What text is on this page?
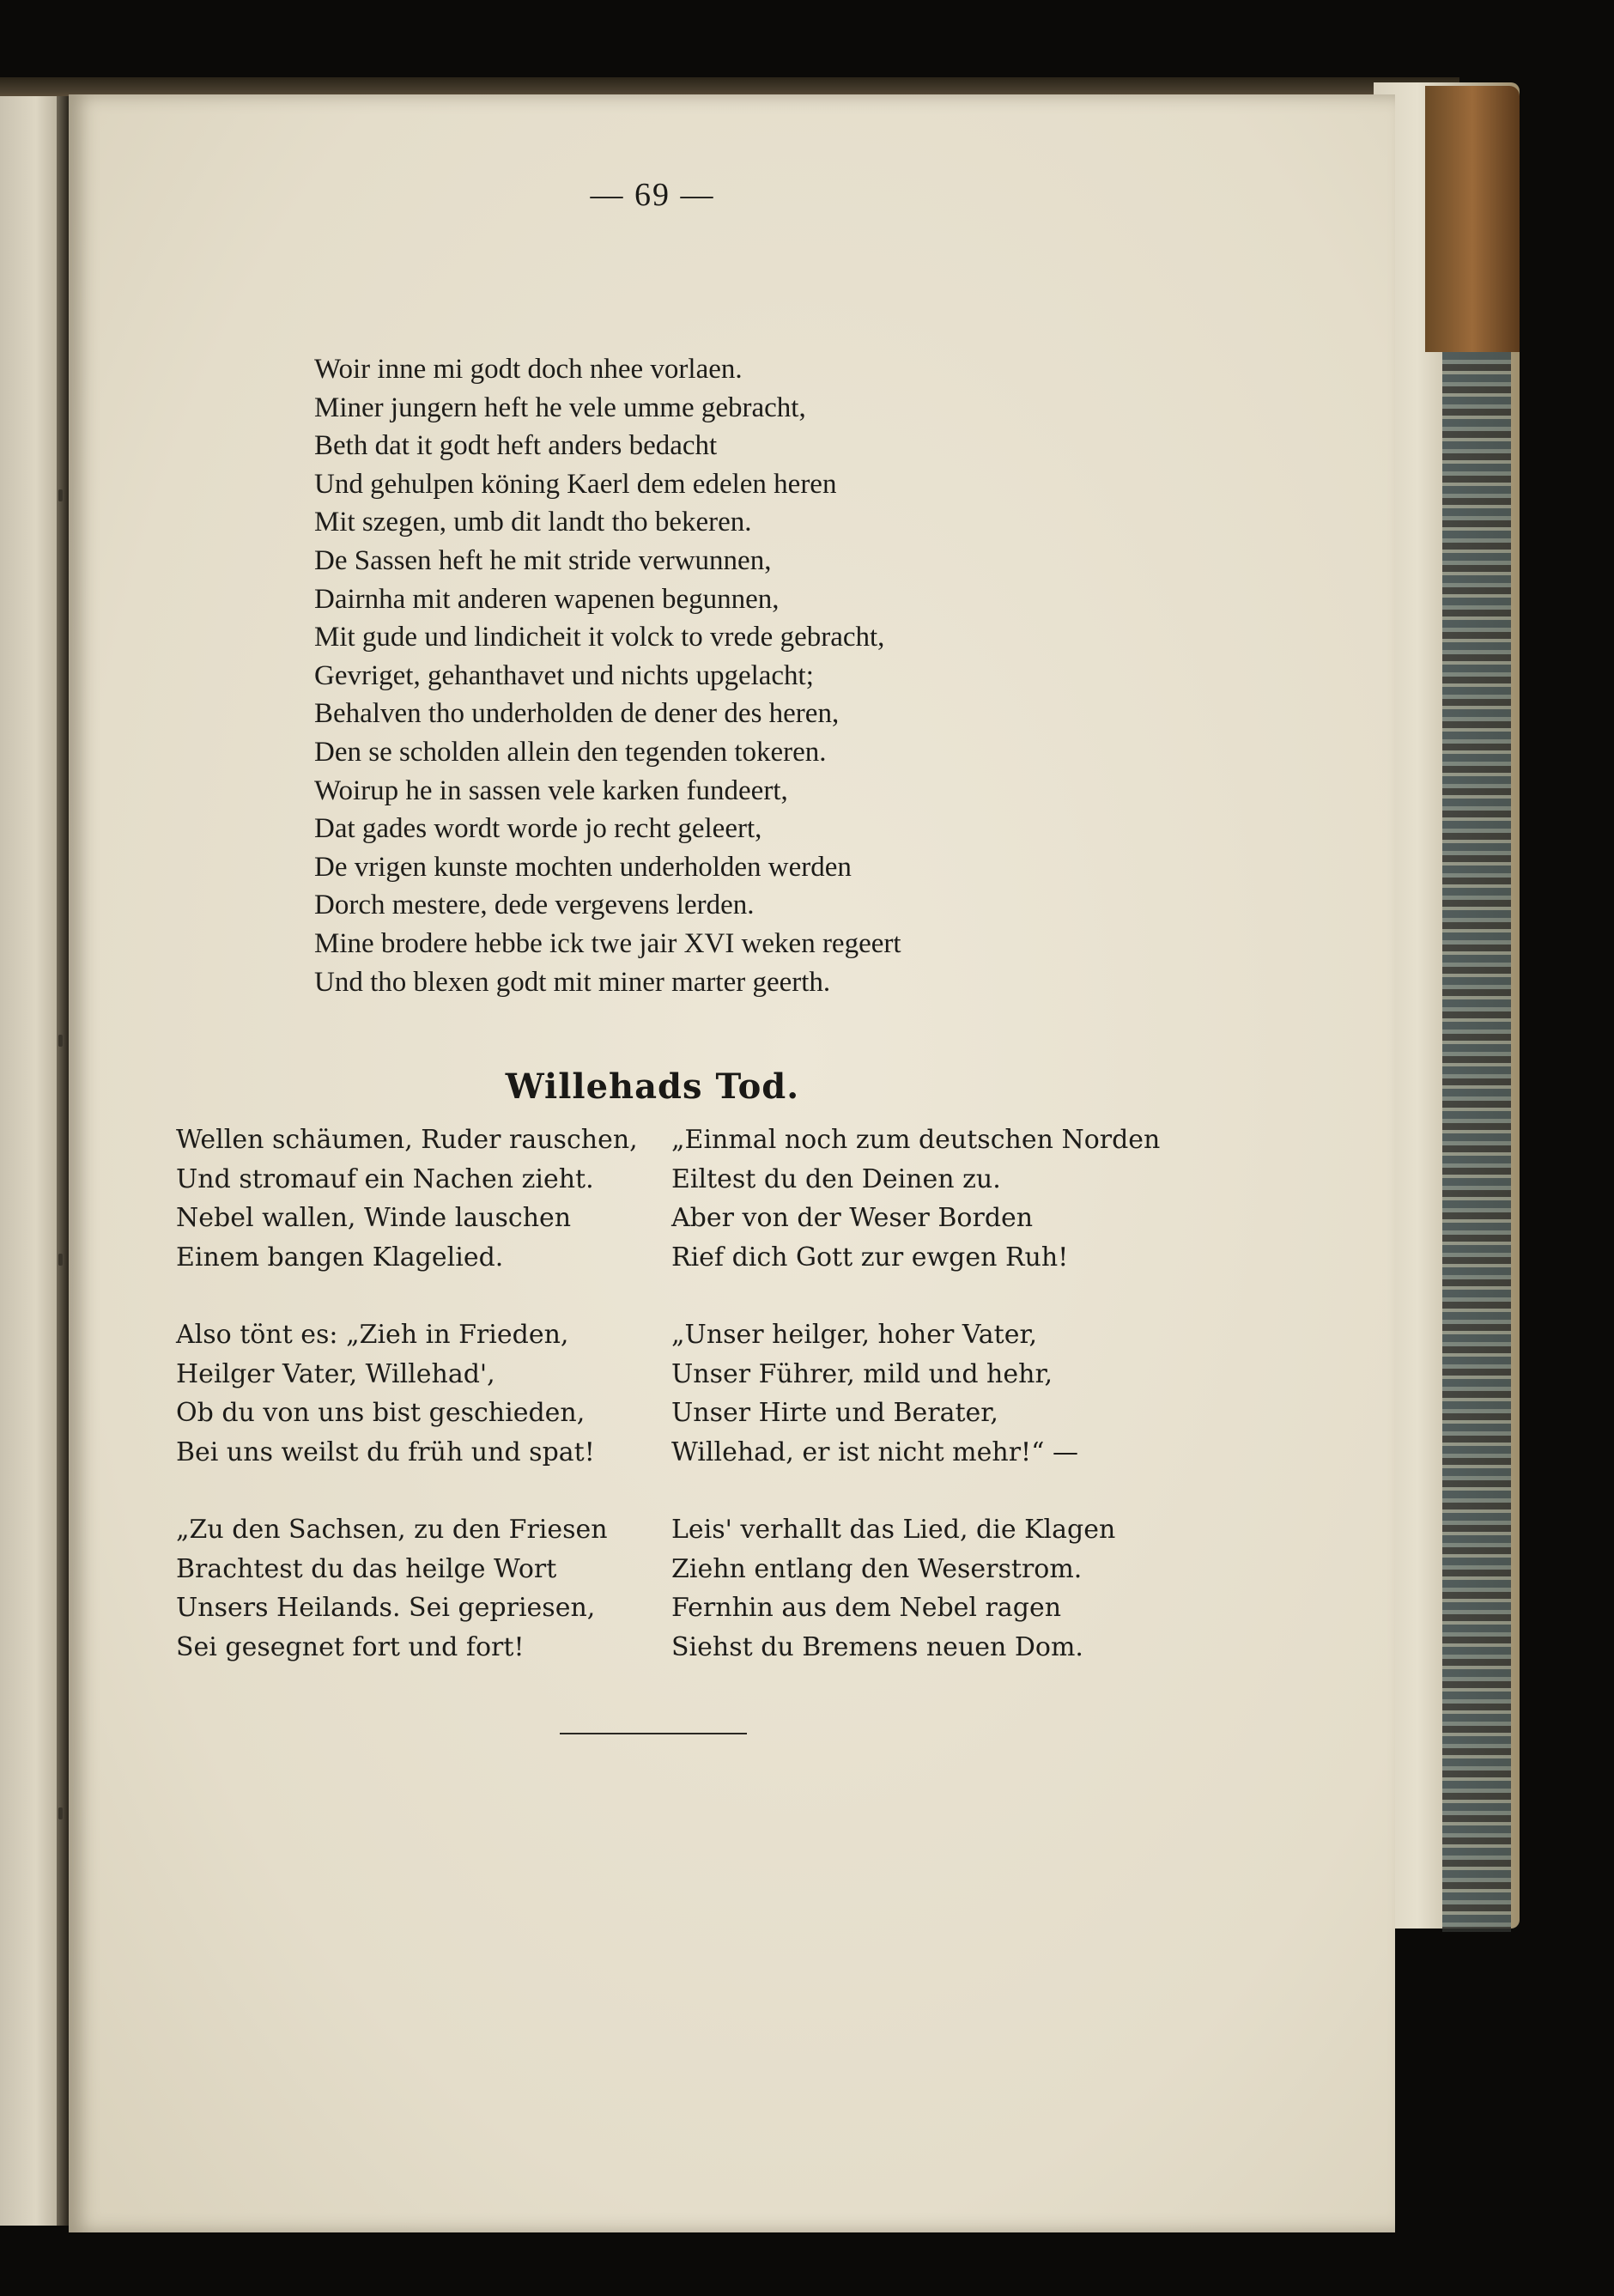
— 69 —
Woir inne mi godt doch nhee vorlaen.
Miner jungern heft he vele umme gebracht,
Beth dat it godt heft anders bedacht
Und gehulpen köning Kaerl dem edelen heren
Mit szegen, umb dit landt tho bekeren.
De Sassen heft he mit stride verwunnen,
Dairnha mit anderen wapenen begunnen,
Mit gude und lindicheit it volck to vrede gebracht,
Gevriget, gehanthavet und nichts upgelacht;
Behalven tho underholden de dener des heren,
Den se scholden allein den tegenden tokeren.
Woirup he in sassen vele karken fundeert,
Dat gades wordt worde jo recht geleert,
De vrigen kunste mochten underholden werden
Dorch mestere, dede vergevens lerden.
Mine brodere hebbe ick twe jair XVI weken regeert
Und tho blexen godt mit miner marter geerth.
Willehads Tod.
Wellen schäumen, Ruder rauschen,
Und stromauf ein Nachen zieht.
Nebel wallen, Winde lauschen
Einem bangen Klagelied.
Also tönt es: „Zieh in Frieden,
Heilger Vater, Willehad',
Ob du von uns bist geschieden,
Bei uns weilst du früh und spat!
„Zu den Sachsen, zu den Friesen
Brachtest du das heilge Wort
Unsers Heilands. Sei gepriesen,
Sei gesegnet fort und fort!
„Einmal noch zum deutschen Norden
Eiltest du den Deinen zu.
Aber von der Weser Borden
Rief dich Gott zur ewgen Ruh!
„Unser heilger, hoher Vater,
Unser Führer, mild und hehr,
Unser Hirte und Berater,
Willehad, er ist nicht mehr!“ —
Leis' verhallt das Lied, die Klagen
Ziehn entlang den Weserstrom.
Fernhin aus dem Nebel ragen
Siehst du Bremens neuen Dom.
